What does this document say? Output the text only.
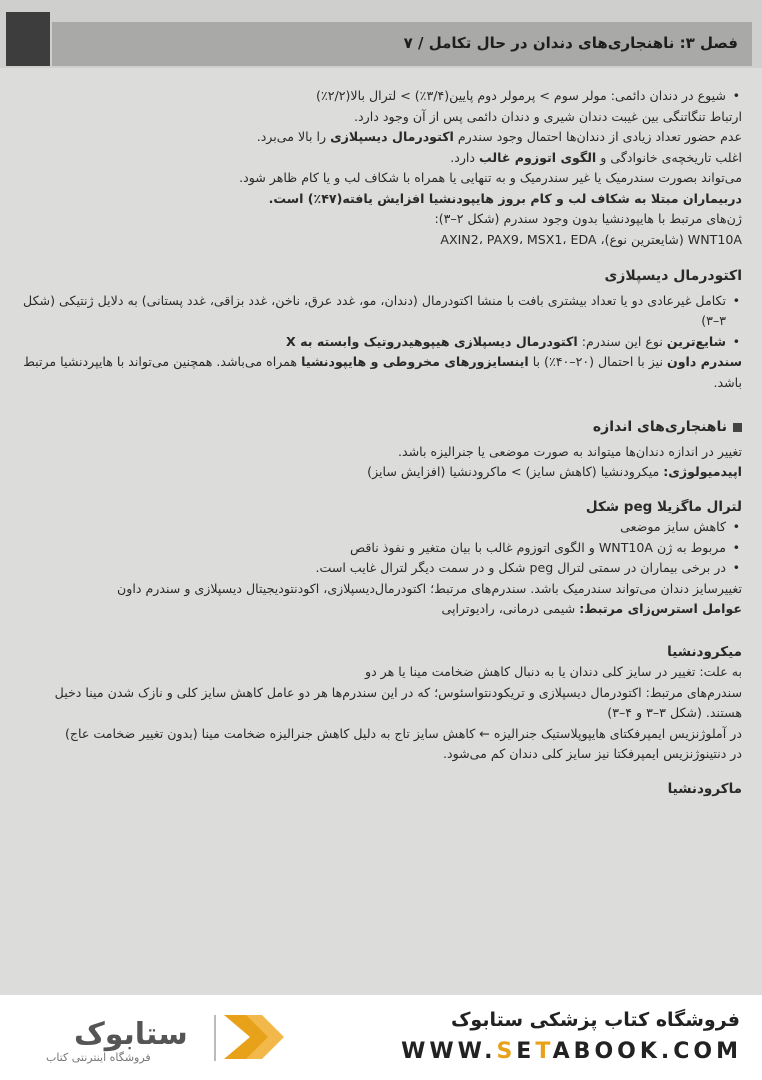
فصل ۳: ناهنجاری‌های دندان در حال تکامل / ۷

• شیوع در دندان دائمی: مولر سوم > پرمولر دوم پایین(۳/۴٪) > لترال بالا(۲/۲٪)

ارتباط تنگاتنگی بین غیبت دندان شیری و دندان دائمی پس از آن وجود دارد.

عدم حضور تعداد زیادی از دندان‌ها احتمال وجود سندرم اکتودرمال دیسپلازی را بالا می‌برد.

اغلب تاریخچه‌ی خانوادگی و الگوی اتوزوم غالب دارد.

می‌تواند بصورت سندرمیک یا غیر سندرمیک و به تنهایی یا همراه با شکاف لب و یا کام ظاهر شود.

دربیماران مبتلا به شکاف لب و کام بروز هایپودنشیا افزایش یافته(۴۷٪) است.

ژن‌های مرتبط با هایپودنشیا بدون وجود سندرم (شکل ۲–۳):

WNT10A (شایعترین نوع)، AXIN2، PAX9، MSX1، EDA

اکتودرمال دیسپلازی

• تکامل غیرعادی دو یا تعداد بیشتری بافت با منشا اکتودرمال (دندان، مو، غدد عرق، ناخن، غدد بزاقی، غدد پستانی) به دلایل ژنتیکی (شکل ۳–۳)

• شایع‌ترین نوع این سندرم: اکتودرمال دیسپلازی هیپوهیدروتیک وابسته به X

سندرم داون نیز با احتمال (۲۰–۴۰٪) با اینسایزورهای مخروطی و هایپودنشیا همراه می‌باشد. همچنین می‌تواند با هایپردنشیا مرتبط باشد.

ناهنجاری‌های اندازه

تغییر در اندازه دندان‌ها میتواند به صورت موضعی یا جنرالیزه باشد.

اپیدمیولوژی: میکرودنشیا (کاهش سایز) > ماکرودنشیا (افزایش سایز)

لترال ماگزیلا peg شکل

• کاهش سایز موضعی

• مربوط به ژن WNT10A و الگوی اتوزوم غالب با بیان متغیر و نفوذ ناقص

• در برخی بیماران در سمتی لترال peg شکل و در سمت دیگر لترال غایب است.

تغییرسایز دندان می‌تواند سندرمیک باشد. سندرم‌های مرتبط؛ اکتودرمال‌دیسپلازی، اکودنتودیجیتال دیسپلازی و سندرم داون

عوامل استرس‌زای مرتبط: شیمی درمانی، رادیوتراپی

میکرودنشیا

به علت: تغییر در سایز کلی دندان یا به دنبال کاهش ضخامت مینا یا هر دو

سندرم‌های مرتبط: اکتودرمال دیسپلازی و تریکودنتواسئوس؛ که در این سندرم‌ها هر دو عامل کاهش سایز کلی و نازک شدن مینا دخیل هستند. (شکل ۳–۳ و ۴–۳)

در آملوژنزیس ایمپرفکتای هایپوپلاستیک جنرالیزه ← کاهش سایز تاج به دلیل کاهش جنرالیزه ضخامت مینا (بدون تغییر ضخامت عاج)

در دنتینوژنزیس ایمپرفکتا نیز سایز کلی دندان کم می‌شود.

ماکرودنشیا

ستابوک
فروشگاه اینترنتی کتاب
فروشگاه کتاب پزشکی ستابوک
WWW.SETABOOK.COM
